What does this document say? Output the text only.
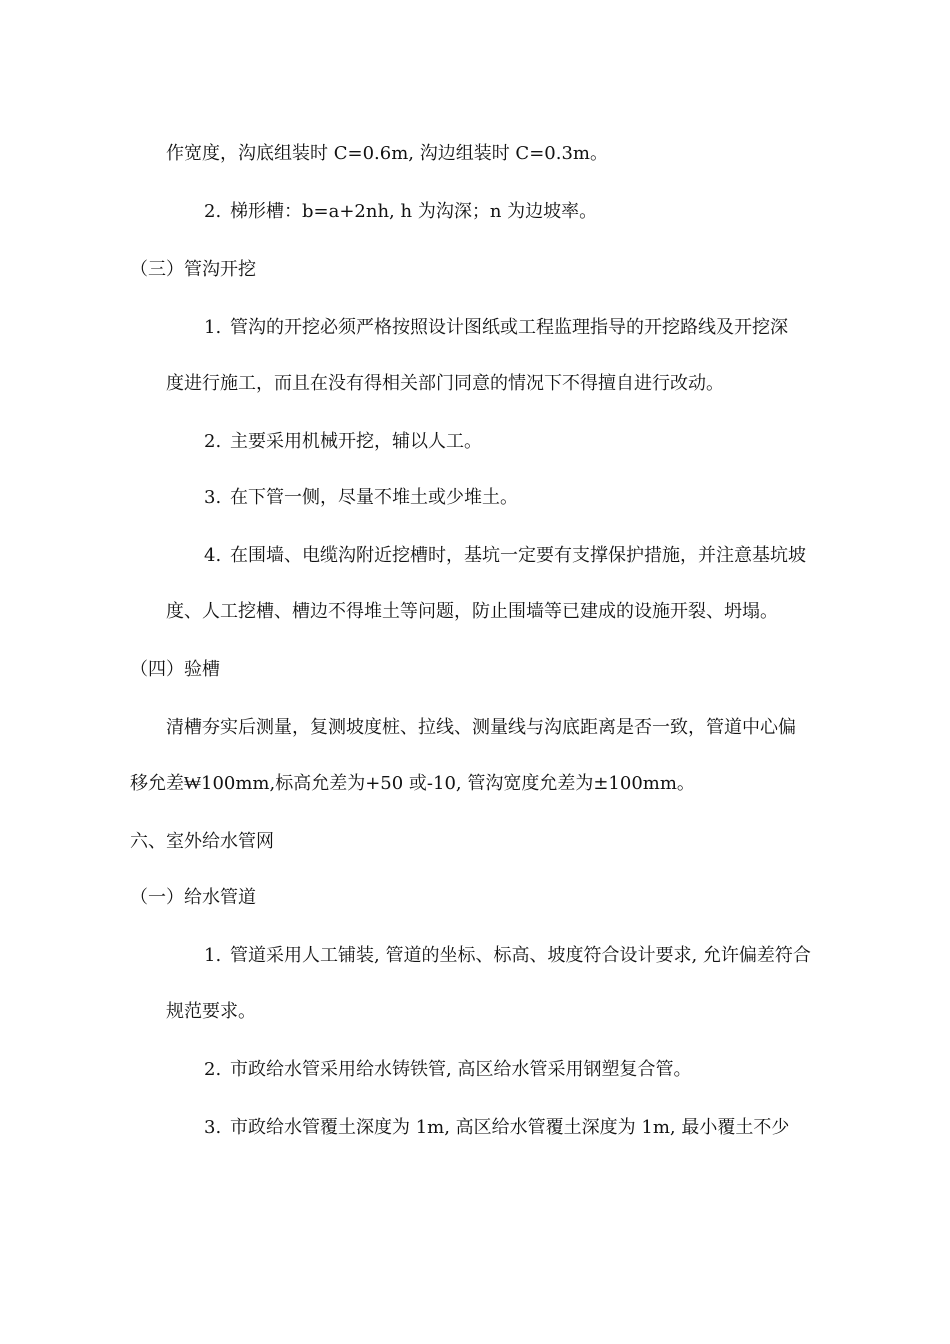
作宽度，沟底组装时 C=0.6m, 沟边组装时 C=0.3m。

2. 梯形槽：b=a+2nh, h 为沟深；n 为边坡率。

（三）管沟开挖

1. 管沟的开挖必须严格按照设计图纸或工程监理指导的开挖路线及开挖深

度进行施工，而且在没有得相关部门同意的情况下不得擅自进行改动。

2. 主要采用机械开挖，辅以人工。

3. 在下管一侧，尽量不堆土或少堆土。

4. 在围墙、电缆沟附近挖槽时，基坑一定要有支撑保护措施，并注意基坑坡

度、人工挖槽、槽边不得堆土等问题，防止围墙等已建成的设施开裂、坍塌。

（四）验槽

清槽夯实后测量，复测坡度桩、拉线、测量线与沟底距离是否一致，管道中心偏

移允差₩100mm,标高允差为+50 或-10, 管沟宽度允差为±100mm。

六、室外给水管网

（一）给水管道

1. 管道采用人工铺装, 管道的坐标、标高、坡度符合设计要求, 允许偏差符合

规范要求。

2. 市政给水管采用给水铸铁管, 高区给水管采用钢塑复合管。

3. 市政给水管覆土深度为 1m, 高区给水管覆土深度为 1m, 最小覆土不少
